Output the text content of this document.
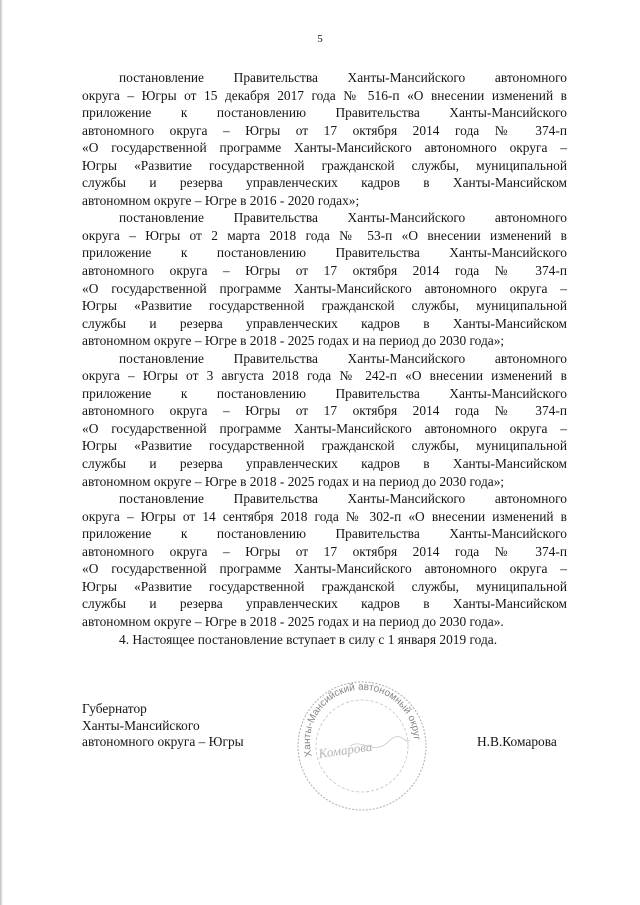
5

постановление Правительства Ханты-Мансийского автономного
округа – Югры от 15 декабря 2017 года № 516-п «О внесении изменений в
приложение к постановлению Правительства Ханты-Мансийского
автономного округа – Югры от 17 октября 2014 года № 374-п
«О государственной программе Ханты-Мансийского автономного округа –
Югры «Развитие государственной гражданской службы, муниципальной
службы и резерва управленческих кадров в Ханты-Мансийском
автономном округе – Югре в 2016 - 2020 годах»;

постановление Правительства Ханты-Мансийского автономного
округа – Югры от 2 марта 2018 года № 53-п «О внесении изменений в
приложение к постановлению Правительства Ханты-Мансийского
автономного округа – Югры от 17 октября 2014 года № 374-п
«О государственной программе Ханты-Мансийского автономного округа –
Югры «Развитие государственной гражданской службы, муниципальной
службы и резерва управленческих кадров в Ханты-Мансийском
автономном округе – Югре в 2018 - 2025 годах и на период до 2030 года»;

постановление Правительства Ханты-Мансийского автономного
округа – Югры от 3 августа 2018 года № 242-п «О внесении изменений в
приложение к постановлению Правительства Ханты-Мансийского
автономного округа – Югры от 17 октября 2014 года № 374-п
«О государственной программе Ханты-Мансийского автономного округа –
Югры «Развитие государственной гражданской службы, муниципальной
службы и резерва управленческих кадров в Ханты-Мансийском
автономном округе – Югре в 2018 - 2025 годах и на период до 2030 года»;

постановление Правительства Ханты-Мансийского автономного
округа – Югры от 14 сентября 2018 года № 302-п «О внесении изменений в
приложение к постановлению Правительства Ханты-Мансийского
автономного округа – Югры от 17 октября 2014 года № 374-п
«О государственной программе Ханты-Мансийского автономного округа –
Югры «Развитие государственной гражданской службы, муниципальной
службы и резерва управленческих кадров в Ханты-Мансийском
автономном округе – Югре в 2018 - 2025 годах и на период до 2030 года».

4. Настоящее постановление вступает в силу с 1 января 2019 года.

Губернатор
Ханты-Мансийского
автономного округа – Югры
Ханты-Мансийский автономный округ
Комарова	Н.В.Комарова
